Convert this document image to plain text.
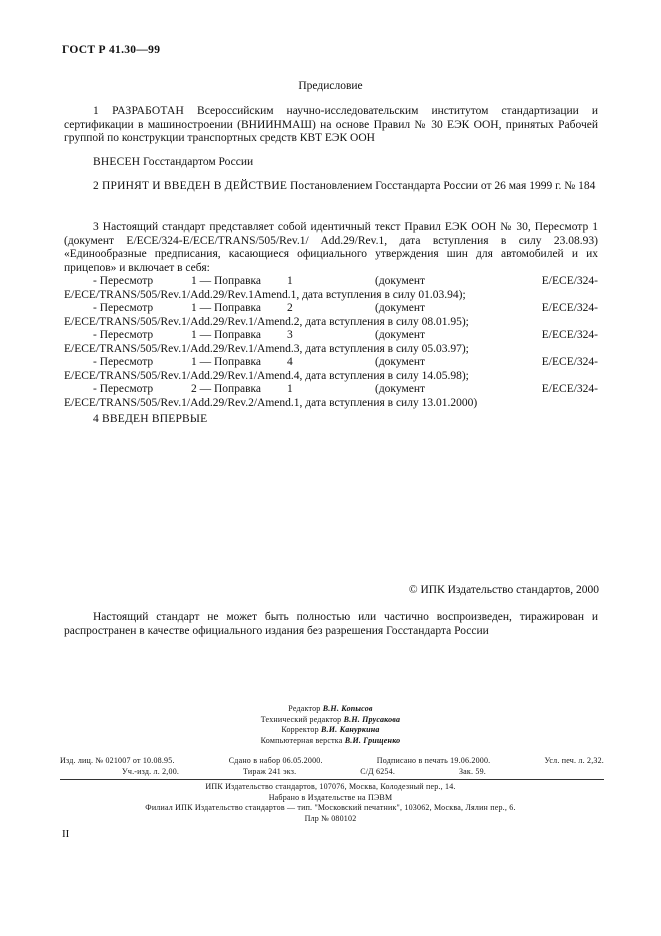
ГОСТ Р 41.30—99
Предисловие

1 РАЗРАБОТАН Всероссийским научно-исследовательским институтом стандартизации и сертификации в машиностроении (ВНИИНМАШ) на основе Правил № 30 ЕЭК ООН, принятых Рабочей группой по конструкции транспортных средств КВТ ЕЭК ООН

ВНЕСЕН Госстандартом России

2 ПРИНЯТ И ВВЕДЕН В ДЕЙСТВИЕ Постановлением Госстандарта России от 26 мая 1999 г. № 184

3 Настоящий стандарт представляет собой идентичный текст Правил ЕЭК ООН № 30, Пересмотр 1 (документ E/ECE/324-E/ECE/TRANS/505/Rev.1/ Add.29/Rev.1, дата вступления в силу 23.08.93) «Единообразные предписания, касающиеся официального утверждения шин для автомобилей и их прицепов» и включает в себя:

- Пересмотр	1 — Поправка	1	(документ	E/ECE/324-
E/ECE/TRANS/505/Rev.1/Add.29/Rev.1Amend.1, дата вступления в силу 01.03.94);
- Пересмотр	1 — Поправка	2	(документ	E/ECE/324-
E/ECE/TRANS/505/Rev.1/Add.29/Rev.1/Amend.2, дата вступления в силу 08.01.95);
- Пересмотр	1 — Поправка	3	(документ	E/ECE/324-
E/ECE/TRANS/505/Rev.1/Add.29/Rev.1/Amend.3, дата вступления в силу 05.03.97);
- Пересмотр	1 — Поправка	4	(документ	E/ECE/324-
E/ECE/TRANS/505/Rev.1/Add.29/Rev.1/Amend.4, дата вступления в силу 14.05.98);
- Пересмотр	2 — Поправка	1	(документ	E/ECE/324-
E/ECE/TRANS/505/Rev.1/Add.29/Rev.2/Amend.1, дата вступления в силу 13.01.2000)

4 ВВЕДЕН ВПЕРВЫЕ

© ИПК Издательство стандартов, 2000

Настоящий стандарт не может быть полностью или частично воспроизведен, тиражирован и распространен в качестве официального издания без разрешения Госстандарта России

Редактор В.Н. Копысов
Технический редактор В.Н. Прусакова
Корректор В.И. Кануркина
Компьютерная верстка В.И. Грищенко
Изд. лиц. № 021007 от 10.08.95.	Сдано в набор 06.05.2000.	Подписано в печать 19.06.2000.	Усл. печ. л. 2,32.
Уч.-изд. л. 2,00.	Тираж 241 экз.	С/Д 6254.	Зак. 59.
ИПК Издательство стандартов, 107076, Москва, Колодезный пер., 14.
Набрано в Издательстве на ПЭВМ
Филиал ИПК Издательство стандартов — тип. "Московский печатник", 103062, Москва, Лялин пер., 6.
Плр № 080102
II
